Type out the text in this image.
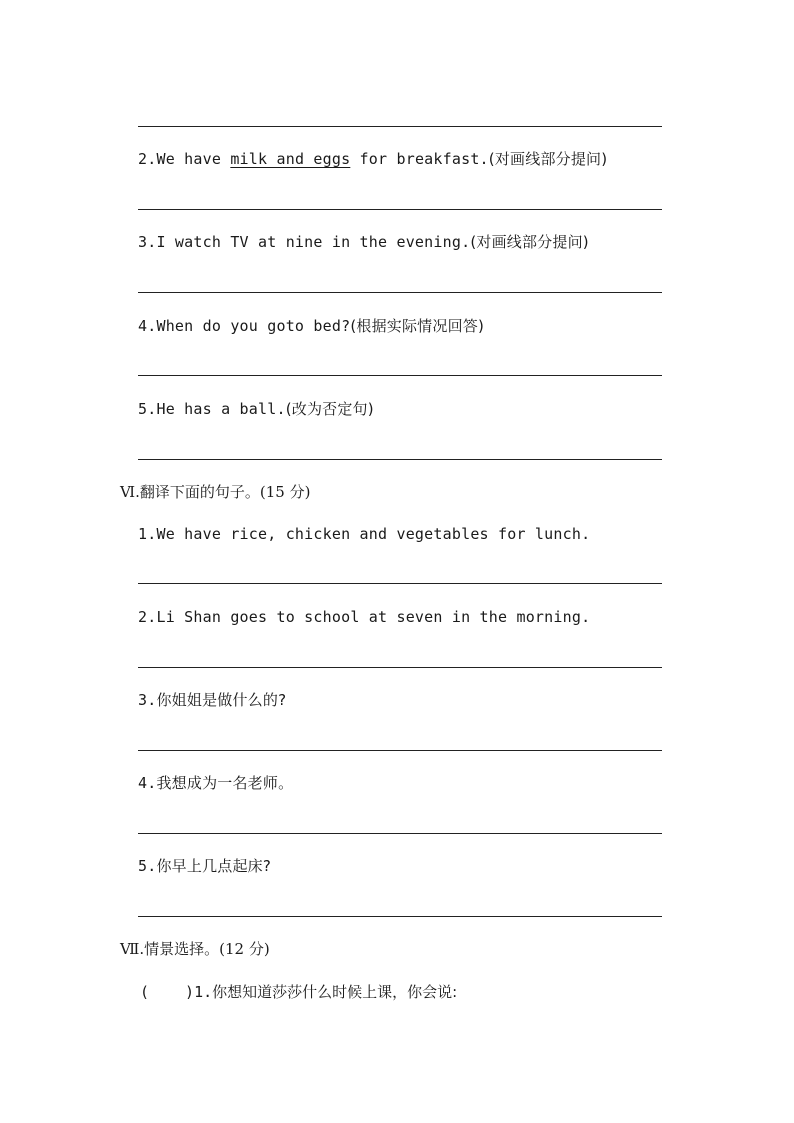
2.We have milk and eggs for breakfast.(对画线部分提问)
3.I watch TV at nine in the evening.(对画线部分提问)
4.When do you goto bed?(根据实际情况回答)
5.He has a ball.(改为否定句)
Ⅵ.翻译下面的句子。(15 分)
1.We have rice, chicken and vegetables for lunch.
2.Li Shan goes to school at seven in the morning.
3.你姐姐是做什么的?
4.我想成为一名老师。
5.你早上几点起床?
Ⅶ.情景选择。(12 分)
( )1.你想知道莎莎什么时候上课，你会说:
